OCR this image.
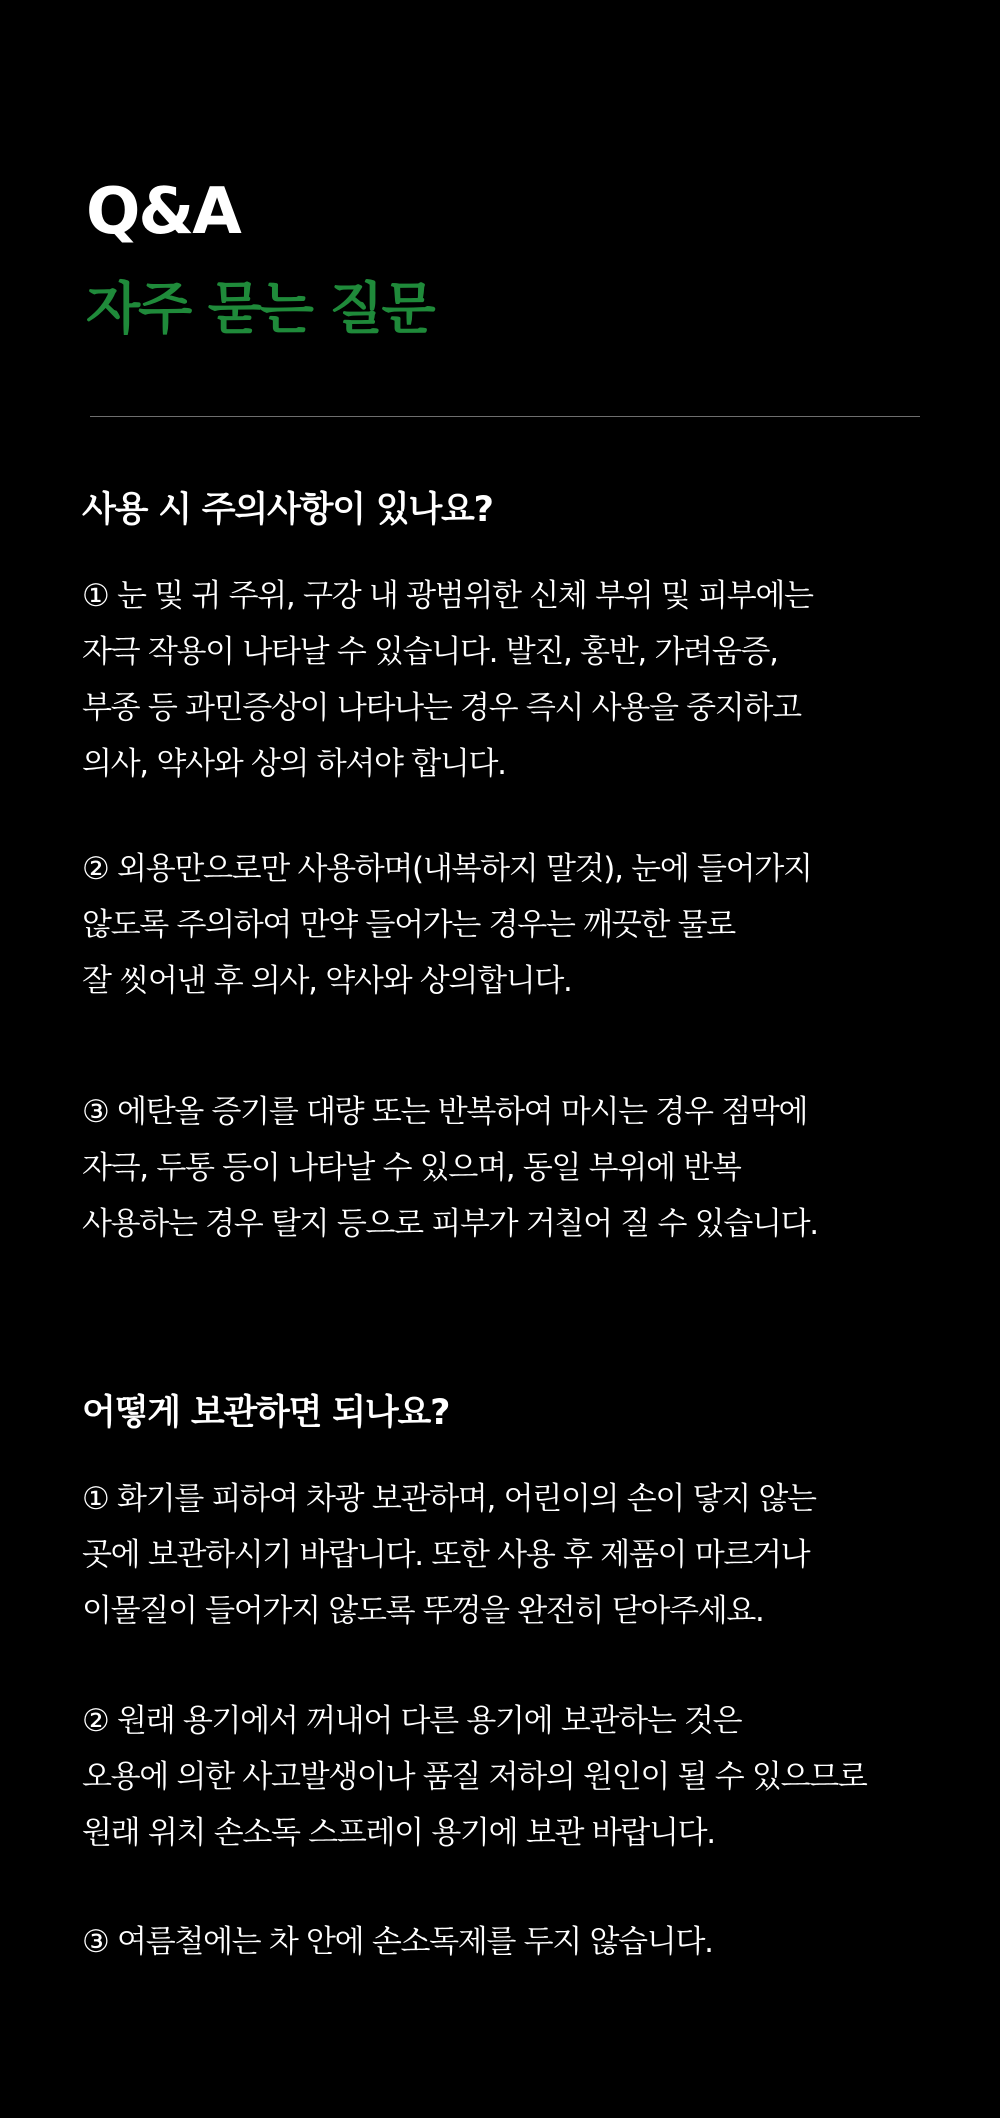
Q&A
자주 묻는 질문
사용 시 주의사항이 있나요?
① 눈 및 귀 주위, 구강 내 광범위한 신체 부위 및 피부에는
자극 작용이 나타날 수 있습니다. 발진, 홍반, 가려움증,
부종 등 과민증상이 나타나는 경우 즉시 사용을 중지하고
의사, 약사와 상의 하셔야 합니다.
② 외용만으로만 사용하며(내복하지 말것), 눈에 들어가지
않도록 주의하여 만약 들어가는 경우는 깨끗한 물로
잘 씻어낸 후 의사, 약사와 상의합니다.
③ 에탄올 증기를 대량 또는 반복하여 마시는 경우 점막에
자극, 두통 등이 나타날 수 있으며, 동일 부위에 반복
사용하는 경우 탈지 등으로 피부가 거칠어 질 수 있습니다.
어떻게 보관하면 되나요?
① 화기를 피하여 차광 보관하며, 어린이의 손이 닿지 않는
곳에 보관하시기 바랍니다. 또한 사용 후 제품이 마르거나
이물질이 들어가지 않도록 뚜껑을 완전히 닫아주세요.
② 원래 용기에서 꺼내어 다른 용기에 보관하는 것은
오용에 의한 사고발생이나 품질 저하의 원인이 될 수 있으므로
원래 위치 손소독 스프레이 용기에 보관 바랍니다.
③ 여름철에는 차 안에 손소독제를 두지 않습니다.
